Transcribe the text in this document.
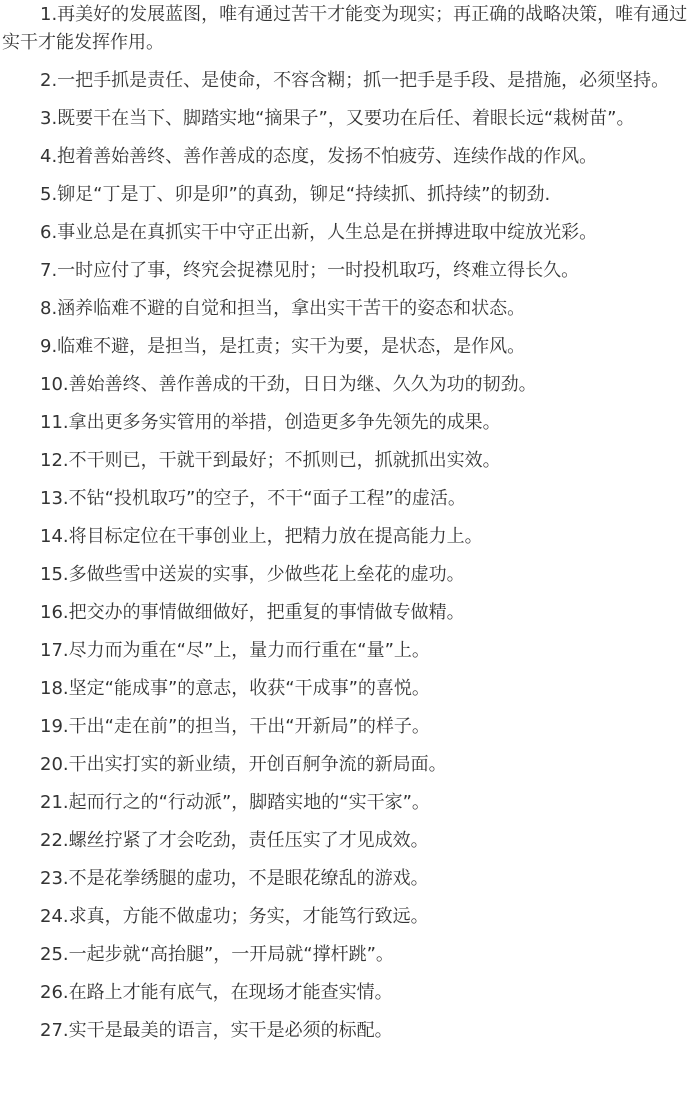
1.再美好的发展蓝图，唯有通过苦干才能变为现实；再正确的战略决策，唯有通过实干才能发挥作用。

2.一把手抓是责任、是使命，不容含糊；抓一把手是手段、是措施，必须坚持。

3.既要干在当下、脚踏实地“摘果子”，又要功在后任、着眼长远“栽树苗”。

4.抱着善始善终、善作善成的态度，发扬不怕疲劳、连续作战的作风。

5.铆足“丁是丁、卯是卯”的真劲，铆足“持续抓、抓持续”的韧劲.

6.事业总是在真抓实干中守正出新，人生总是在拼搏进取中绽放光彩。

7.一时应付了事，终究会捉襟见肘；一时投机取巧，终难立得长久。

8.涵养临难不避的自觉和担当，拿出实干苦干的姿态和状态。

9.临难不避，是担当，是扛责；实干为要，是状态，是作风。

10.善始善终、善作善成的干劲，日日为继、久久为功的韧劲。

11.拿出更多务实管用的举措，创造更多争先领先的成果。

12.不干则已，干就干到最好；不抓则已，抓就抓出实效。

13.不钻“投机取巧”的空子，不干“面子工程”的虚活。

14.将目标定位在干事创业上，把精力放在提高能力上。

15.多做些雪中送炭的实事，少做些花上垒花的虚功。

16.把交办的事情做细做好，把重复的事情做专做精。

17.尽力而为重在“尽”上，量力而行重在“量”上。

18.坚定“能成事”的意志，收获“干成事”的喜悦。

19.干出“走在前”的担当，干出“开新局”的样子。

20.干出实打实的新业绩，开创百舸争流的新局面。

21.起而行之的“行动派”，脚踏实地的“实干家”。

22.螺丝拧紧了才会吃劲，责任压实了才见成效。

23.不是花拳绣腿的虚功，不是眼花缭乱的游戏。

24.求真，方能不做虚功；务实，才能笃行致远。

25.一起步就“高抬腿”，一开局就“撑杆跳”。

26.在路上才能有底气，在现场才能查实情。

27.实干是最美的语言，实干是必须的标配。
